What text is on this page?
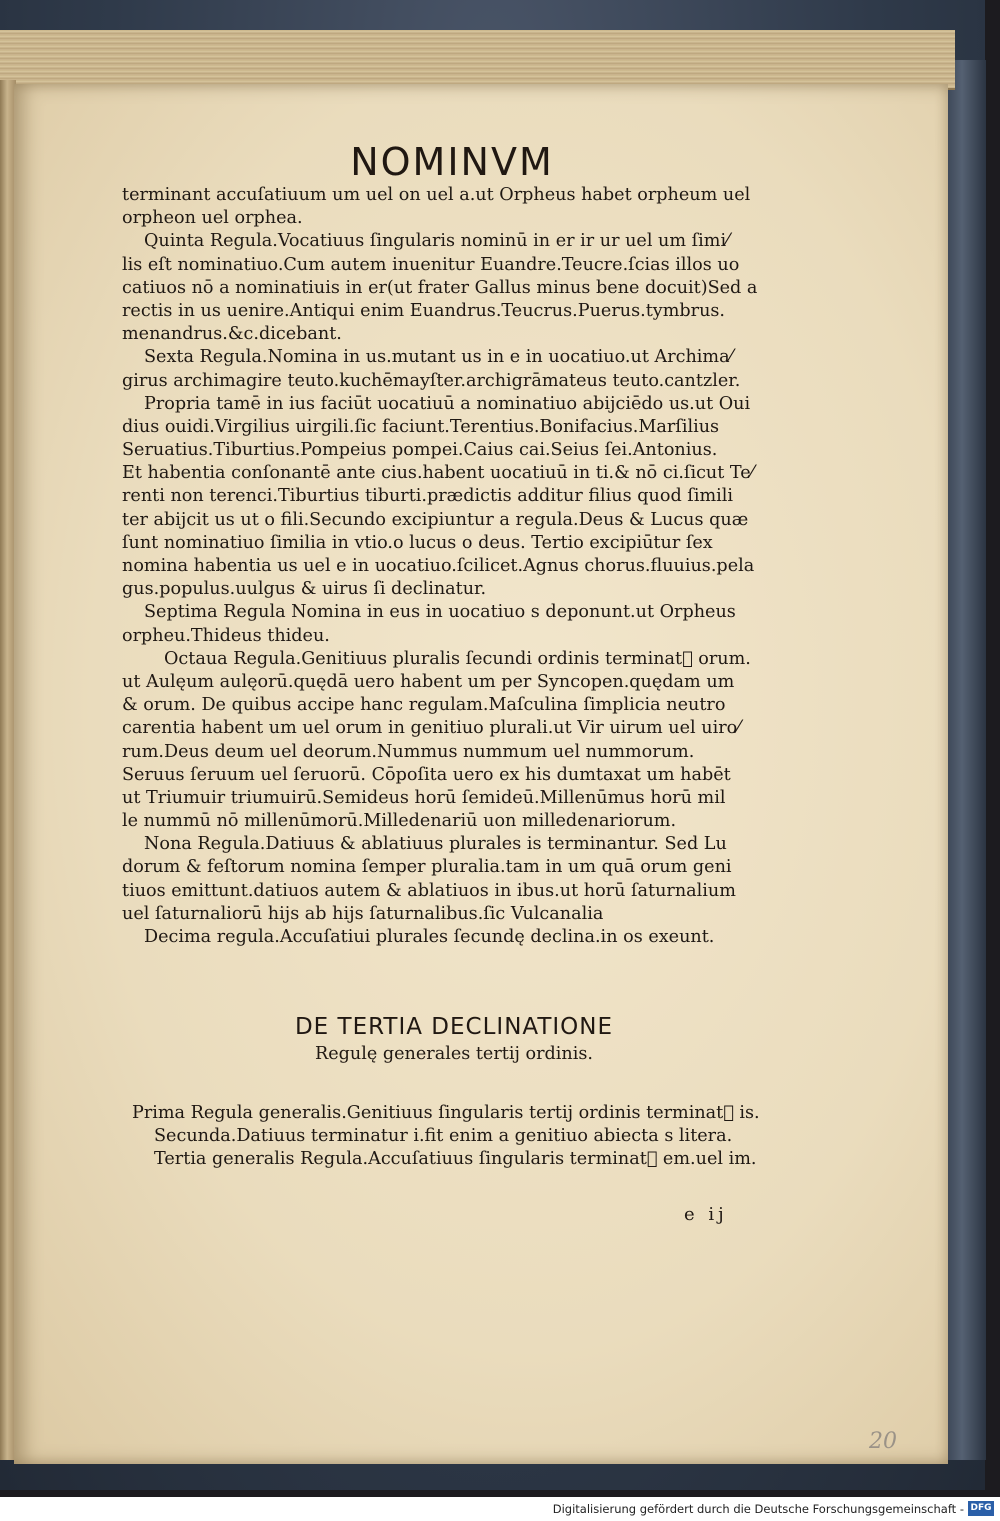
NOMINVM
terminant accuſatiuum um uel on uel a.ut Orpheus habet orpheum uel
orpheon uel orphea.
Quinta Regula.Vocatiuus ſingularis nominū in er ir ur uel um ſimi⁄
lis eſt nominatiuo.Cum autem inuenitur Euandre.Teucre.ſcias illos uo
catiuos nō a nominatiuis in er(ut frater Gallus minus bene docuit)Sed a
rectis in us uenire.Antiqui enim Euandrus.Teucrus.Puerus.tymbrus.
menandrus.&c.dicebant.
Sexta Regula.Nomina in us.mutant us in e in uocatiuo.ut Archima⁄
girus archimagire teuto.kuchēmayſter.archigrāmateus teuto.cantzler.
Propria tamē in ius faciūt uocatiuū a nominatiuo abijciēdo us.ut Oui
dius ouidi.Virgilius uirgili.ſic faciunt.Terentius.Bonifacius.Marſilius
Seruatius.Tiburtius.Pompeius pompei.Caius cai.Seius ſei.Antonius.
Et habentia conſonantē ante cius.habent uocatiuū in ti.& nō ci.ſicut Te⁄
renti non terenci.Tiburtius tiburti.prædictis additur filius quod ſimili
ter abijcit us ut o fili.Secundo excipiuntur a regula.Deus & Lucus quæ
ſunt nominatiuo ſimilia in vtio.o lucus o deus. Tertio excipiūtur ſex
nomina habentia us uel e in uocatiuo.ſcilicet.Agnus chorus.fluuius.pela
gus.populus.uulgus & uirus ſi declinatur.
Septima Regula Nomina in eus in uocatiuo s deponunt.ut Orpheus
orpheu.Thideus thideu.
Octaua Regula.Genitiuus pluralis ſecundi ordinis terminat᷑ orum.
ut Aulęum aulęorū.quędā uero habent um per Syncopen.quędam um
& orum. De quibus accipe hanc regulam.Maſculina ſimplicia neutro
carentia habent um uel orum in genitiuo plurali.ut Vir uirum uel uiro⁄
rum.Deus deum uel deorum.Nummus nummum uel nummorum.
Seruus ſeruum uel ſeruorū. Cōpoſita uero ex his dumtaxat um habēt
ut Triumuir triumuirū.Semideus horū ſemideū.Millenūmus horū mil
le nummū nō millenūmorū.Milledenariū uon milledenariorum.
Nona Regula.Datiuus & ablatiuus plurales is terminantur. Sed Lu
dorum & feſtorum nomina ſemper pluralia.tam in um quā orum geni
tiuos emittunt.datiuos autem & ablatiuos in ibus.ut horū ſaturnalium
uel ſaturnaliorū hijs ab hijs ſaturnalibus.ſic Vulcanalia
Decima regula.Accuſatiui plurales ſecundę declina.in os exeunt.
DE TERTIA DECLINATIONE
Regulę generales tertij ordinis.
Prima Regula generalis.Genitiuus ſingularis tertij ordinis terminat᷑ is.
Secunda.Datiuus terminatur i.fit enim a genitiuo abiecta s litera.
Tertia generalis Regula.Accuſatiuus ſingularis terminat᷑ em.uel im.
e ij
20
Digitalisierung gefördert durch die Deutsche Forschungsgemeinschaft - DFG
